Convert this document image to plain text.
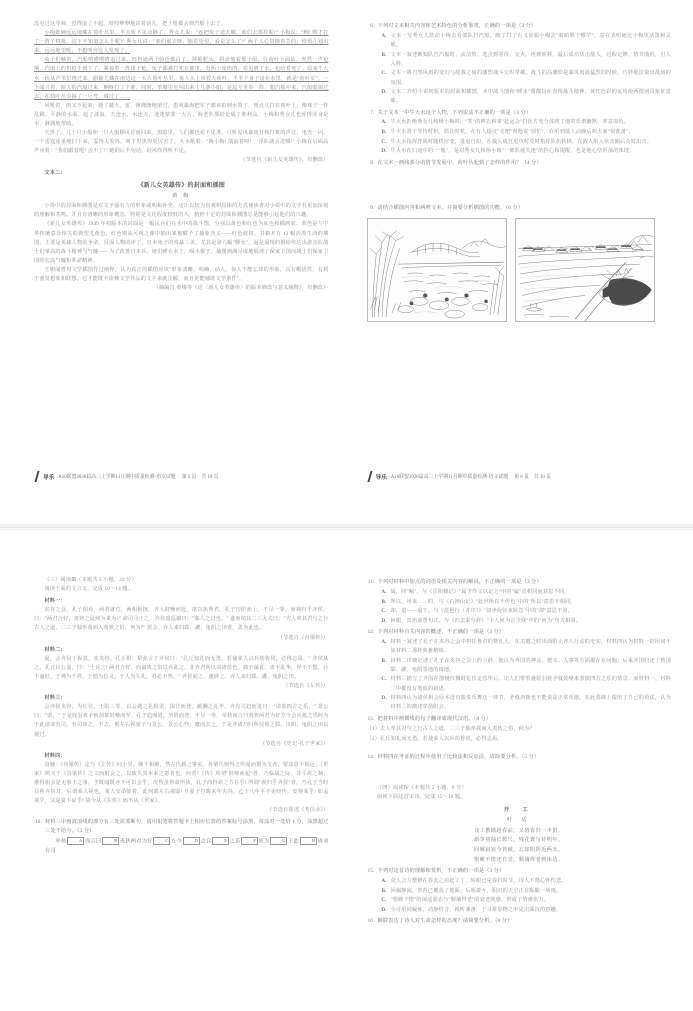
没见过这导师，觉得浪了不起。吱吱咿咿地说着话儿，把土枪都丢到汽船上去了。

小梅她俩远远地藏在荷叶丛里，半天听不见动静了，秀女儿说："连把兔子送天哪，咱们去那样呢!" 小梅说："咧! 咧才打了一阵子机枪，这下不知道怎么个呢?" 秀女儿说："咱们划去呀，偷着望望，看是怎么了?" 两个人心里撼着急的，悄悄儿划出来，远远地望呢，不想叫旁边人发现了。

兔子们喊着，汽船嗒嗒嗒嗒追过来，吓得她两个脸色都白了，摔桅舵头，拼命划着那小船，往荷叶下面钻。突然一声枪响，汽船上的机枪手倒下了，紧接着一阵排子枪。兔子都被打死在那里，有两个受伤的，看见就了水，也给着死了。原来牛大水一伙从芦苇里绕过来，偷偷儿藏在南边这一大片荷叶丛里，每人头上顶着大荷叶，半半个身子浸在水里，就是"荷叶军"，一下闻兴着，候人的汽船过来，啊呀打了个准。同时，苇塘里也闯出来十几条小船，是起互更举一阵，朝汽船冲来。汽船眼闹过去，在荷叶丛里摘了一号弯，调过了……

风吼着，雨又下起来，越了越大。雷，隆隆隆地滚过。患风暴海把军子都该拍到水里了。雨点儿打在荷叶上，像珠子一样乱跳。平静的水面，起了波浪。天连水，水连天，迷迷蒙蒙一大片，海老队那给论成了胜利品。小梅和秀女儿也浑得浑身是水，淋漓地帮助。

天黑了。几十只小船和一只大船顺风冒雨回来。黑暗里，人们都也看不见准，只听见风暴雨打和打桨的声音，电光一闪，一个雷霆重重地扫下来，霎得人发抖。叫下里黑得更厉害了。大水吼着："梅小梅! 演浪着呀! 一浮队就丢进哪!" 小梅在后面高声应着："我们跟着呢! 丢不了!" 她的后半句话，给风吹得听不见。

（节选自《新儿女英雄传》，有删改）

文本二：

《新儿女英雄传》的封面和插图

黄 梅

小说中的封面和插图是对文字强有力的形象或明和补充。这让以较为直观和具体的方式使读者对小说中的文字有更加深刻的理解和共鸣。并且有清晰的形象概念，特别是文化程度较低的人，精妙十足的封面和插图总是能够引起他们的兴趣。

《新儿女英雄传》1949 年初版本的封面是一幅民兵们在水中的战斗图，分别以黄色和红色为底色和插画底。黄色是与中华传统意念相关的典型尤黄色，红色则从可视之像中抽出来被赋予了抽象含义——红色政权。书籍本有 12 幅活泼生动的插图，主要是英雄人物的争命，反面人物的评了。日本兔子的残暴三美。尤其是第六幅"睡水"，逼是逼现的摄给传达出游击队战士们掌高的战斗精神与气魄——为了改善日本兵。她们睡在水上，喝水棍子，抽图画满尽成地展现了保家卫国而战士们保家卫国的宏高气魄和革命精神。

王朝闻曾对文学插图作过阐释，认为真正的插图应该"形象清晰、明确、动人，惊人不能忘却的形象，具有概括性，有利于童发想象和联想。它才能既不依赖文学作品的文字来就注解，而且更能辅助文学条件"。

（摘编自 黄梅等《论〈新儿女英雄传〉的版本修改与意义阐释》，有删改）

导乐 ·A10联盟2026届高三上学期11月期中质量检测·语文试题 第 5 页 共 10 页
6. 下列对文本相关内容和艺术特色的分析鉴赏，正确的一项是（3 分）

A. 文本一写秀女儿鼓动小梅去看部队打汽船，疏了打了石又说服小梅去"咱咱胜个哪罕"，意在表明她比小梅更活泼和灵敏。

B. 文本一叙述断知队打汽船时，从前察、选点到等待、交火、再到转移，最后成功伏击敌人，过程定修、情节曲折，引人入胜。

C. 文本一将自然风雨的变幻与敌我之间的激烈战斗交织穿插，战斗的高潮恰是暴风雨最猛烈的时候，巧妙地渲染出战场的氛围。

D. 文本二介绍小说初版本的封面和插图，水中战斗图和"睡水"图都旨在表现战斗精神，黄红色彩的运用使两图别具象征意味。

7. 关于文本一中牛大水这个人物，下列说法不正确的一项是（3 分）

A. 牛大水拒绝秀女儿和杨小梅时，"笑"的神态和拿"赶运会"打比方充分体现了他的乐谐幽默、率意如仇。

B. 牛大水善于等待时机，抓住时机，在有人提议"走吧"时他说"别忙"，在听到敌人动静后叫大家"快准备"。

C. 牛大水指挥作战时随机应变，进退自如，在敌人疯狂进攻时及时指挥队伍转移，在敌人陷入伏击圈后及时出击。

D. 牛大水在归途中的一"吼"，是对秀女儿和杨小梅"一郎队就失迷"的担心和提醒，也是他心坚坦荡的体现。

8. 在文本一画线部分的情节发展中，荷叶丛起到了怎样的作用？（4 分）

9. 请结合插图内容和两则文本，并简要分析插图的功能。（6 分）

导乐 ·A10联盟2026届高三上学期11月期中质量检测·语文试题 第 6 页 共 10 页

（三）阅读Ⅲ（本题共 5 小题，22 分）

阅读下面的文言文，完成 10～14 题。

材料一：

夹谷之会，孔子相焉，两君就位，两相相摈。齐人鼓噪而起，欲以执鲁君。孔子历阶而上，不尽一等，而视归乎齐侯，曰："两君合好，夷狄之民何为来为?" 命司马止之。齐侯逡巡谢曰："寡人之过也。" 遂而谓其二三大夫曰："夫人率其君与之行古人之道，二三子独率我而入夷狄之俗，何为?" 罢会。齐人来归郓、讙、龟阴之田者，盖为此也。

（节选自《谷梁传》）

材料二：

夏，会齐侯于祝其，实夹谷。孔丘相。犁弥言于齐侯曰："孔丘知礼而无勇，若使莱人以兵劫鲁侯，必得志焉。" 齐侯从之。孔丘以公退，曰："士兵之! 两君合好，而裔夷之俗以兵乱之，非齐君所以命诸侯也。裔不谋夏，夷不乱华，俘不干盟，兵不逼好，于神为不祥，于德为愆义，于人为失礼，君必不然。" 齐侯闻之，遽辟之。齐人来归郓、讙、龟阴之田。

（节选自《左传》）

材料三：

会齐侯夹谷，为坛位，土阶三等，以会遇之礼相见，揖让而登。献酬之礼毕，齐有司趋而进曰："请奏四方之乐。" 景公曰："诺。" 于是旄羽祓矛戟剑拨鼓噪而至。孔子趋而进，历阶而登，不尽一等，举袂而言曰夷狄两君为好方今会兵敌之乐何为于此请命有司，有司却之，不去，则左右视晏子与景公。景公心怍，麾而去之。于是齐诸乃归所侵鲁之郓、汶阳、龟阴之田以谢过。

（节选自《史记·孔子世家》）

材料四：

食脯：《谷梁传》定与《左传》问小异，颇不相刺，然左氏载之事实。谷梁氏则得之传闻而摄为文者，要其意不相远；《世家》则又于《谷梁传》之文而附会之，以致失其本来之意者也。何者?《传》所谓"鼓噪而起"者，乃临战之际，非平故之制；谁得相会是无事不之事，予既闻既亦不可以会乎，况鲁虽得命所执，孔子尚得命之方在乎! 所谓"视归乎齐侯"者，乃孔子当时目视齐侯耳，后谓莱人视也。莱人交命始着，此何眼左右视耶! 且晏子自晦来年夹谷，乙十八年平不见经传，安得莱乎! 如孟莱乎，又是宴不谅乎! 故今从《左传》而不从《世家》。

（节选自崔述《考信录》）

10. 材料三中画波浪线的部分有三处需要断句，请用铅笔将答题卡上相应位置的答案标号涂黑，每涂对一处给 1 分，涂黑超过三处不给分。（3 分）

举袂	A 而言曰	B 夷狄两君为好	C 方今	D 会兵	E 之乐	F 何为	G 于此	H 请命有司

11. 下列对材料中加点的词语及相关内容的解说，不正确的一项是（3 分）

A. 属，同"嘱"，与《岳阳楼记》"属予作文以记之"中的"属"音相同而意思不同。

B. 所以，用来……的，与《石钟山记》"此世所以不传也"中的"所以"意思不相同。

C. 却，退——退下，与《琵琶行（并序）》"却坐促弦弦转急"中的"却"意思不同。

D. 何眼，宾语前置句式，与《归去来兮辞》"主人何为言少钱"中的"何为"句式相同。

12. 下列对材料有关内容的概述，不正确的一项是（3 分）

A. 材料一叙述了孔子在夹谷之会中担任鲁君的赞礼人，在关键之时出面阻止齐人行动的史实。材料四认为材料一的用词不如材料二那样典雅精炼。

B. 材料二详细记述了孔子在夹谷之会上的言辞。他认为齐国的神灵、德义、人事等方面都存在问题；后来齐国归还了鲁国郓、讙、龟阴等地的田地。

C. 材料三描写了齐国在摆慢仪侧时礼仪定乐毕后，让人们带着盛装羽旄矛戟鼓噪来表演四方之乐的情景。而材料一、材料二中都没有类似的叙述。

D. 材料四认为诸侯相会原本没有演奏乐舞这一环节，矛戟剑拨也不能说是正常乐器。在此基础上提出了自己的看法，认为材料三的描述穿凿附会。

13. 把材料中画横线的句子翻译成现代汉语。（8 分）

（1）夫人率其君与之行古人之道，二三子独率我而入夷狄之俗，何为？

（2）孔丘知礼而无勇，若使莱人以兵劫鲁侯，必得志焉。

14. 材料四在考证的过程中使用了比较法和反证法，请简要分析。（5 分）

（四）阅读Ⅳ（本题共 2 小题，9 分）

阅读下面这首宋诗，完成 15～16 题。

开 工

叶 适

众工携锸趁春前，又值春归一半捐。

新笋初抽长数尺，残花寰与待明年。

回廊寂寂今苔破，忘却阴阴返两天。

壑睡不惜还自觉，颓墙得老到床边。

15. 下列对这首诗的理解和赏析，不正确的一项是（3 分）

A. 众人合力整修在春去之前赶工了，转眼已是春归时节，诗人不禁心怀伤悲。

B. 回廊静寂，青苔已覆盖了地面；后晤萧々，阴沉的天空正在酝酿一场雨。

C. "壑睡不惜"的闲适姿态与"颓墙得老"的衰老现感，形成了情感张力。

D. 全诗用词凝炼，动静结合，视听兼备，于寻常景物之中见出深沉的意趣。

16. 额联表达了诗人对生命怎样的态度？请简要分析。（6 分）
